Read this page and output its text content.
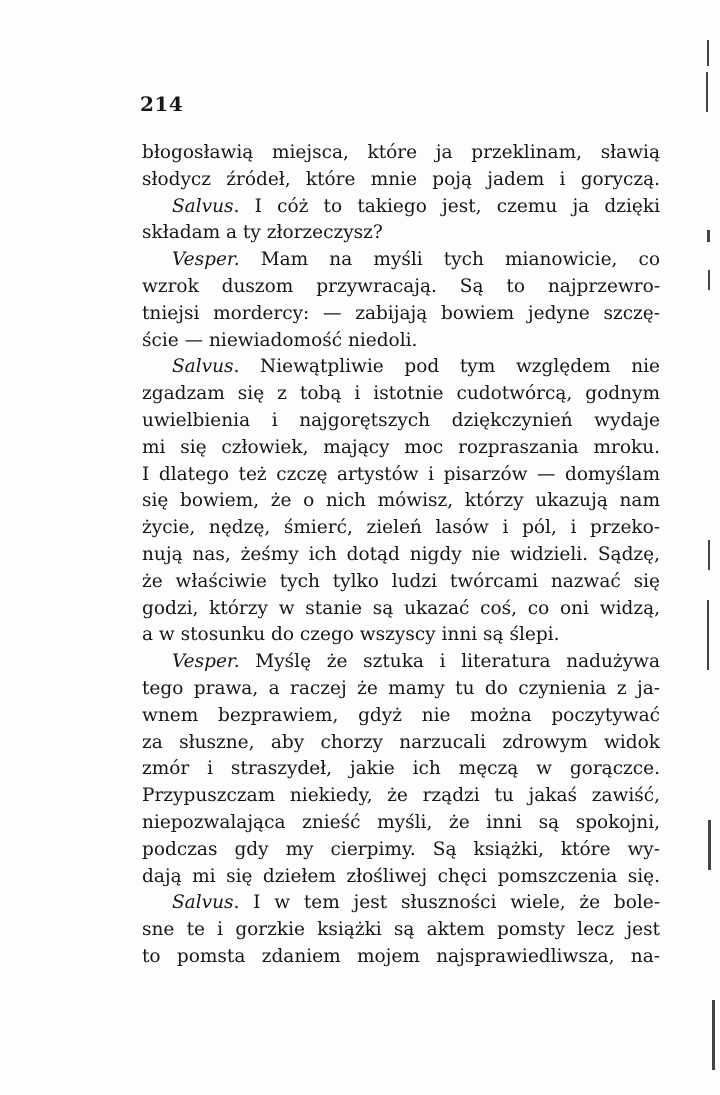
214
błogosławią miejsca, które ja przeklinam, sławią
słodycz źródeł, które mnie poją jadem i goryczą.
Salvus. I cóż to takiego jest, czemu ja dzięki
składam a ty złorzeczysz?
Vesper. Mam na myśli tych mianowicie, co
wzrok duszom przywracają. Są to najprzewro-
tniejsi mordercy: — zabijają bowiem jedyne szczę-
ście — niewiadomość niedoli.
Salvus. Niewątpliwie pod tym względem nie
zgadzam się z tobą i istotnie cudotwórcą, godnym
uwielbienia i najgorętszych dziękczynień wydaje
mi się człowiek, mający moc rozpraszania mroku.
I dlatego też czczę artystów i pisarzów — domyślam
się bowiem, że o nich mówisz, którzy ukazują nam
życie, nędzę, śmierć, zieleń lasów i pól, i przeko-
nują nas, żeśmy ich dotąd nigdy nie widzieli. Sądzę,
że właściwie tych tylko ludzi twórcami nazwać się
godzi, którzy w stanie są ukazać coś, co oni widzą,
a w stosunku do czego wszyscy inni są ślepi.
Vesper. Myślę że sztuka i literatura nadużywa
tego prawa, a raczej że mamy tu do czynienia z ja-
wnem bezprawiem, gdyż nie można poczytywać
za słuszne, aby chorzy narzucali zdrowym widok
zmór i straszydeł, jakie ich męczą w gorączce.
Przypuszczam niekiedy, że rządzi tu jakaś zawiść,
niepozwalająca znieść myśli, że inni są spokojni,
podczas gdy my cierpimy. Są książki, które wy-
dają mi się dziełem złośliwej chęci pomszczenia się.
Salvus. I w tem jest słuszności wiele, że bole-
sne te i gorzkie książki są aktem pomsty lecz jest
to pomsta zdaniem mojem najsprawiedliwsza, na-
